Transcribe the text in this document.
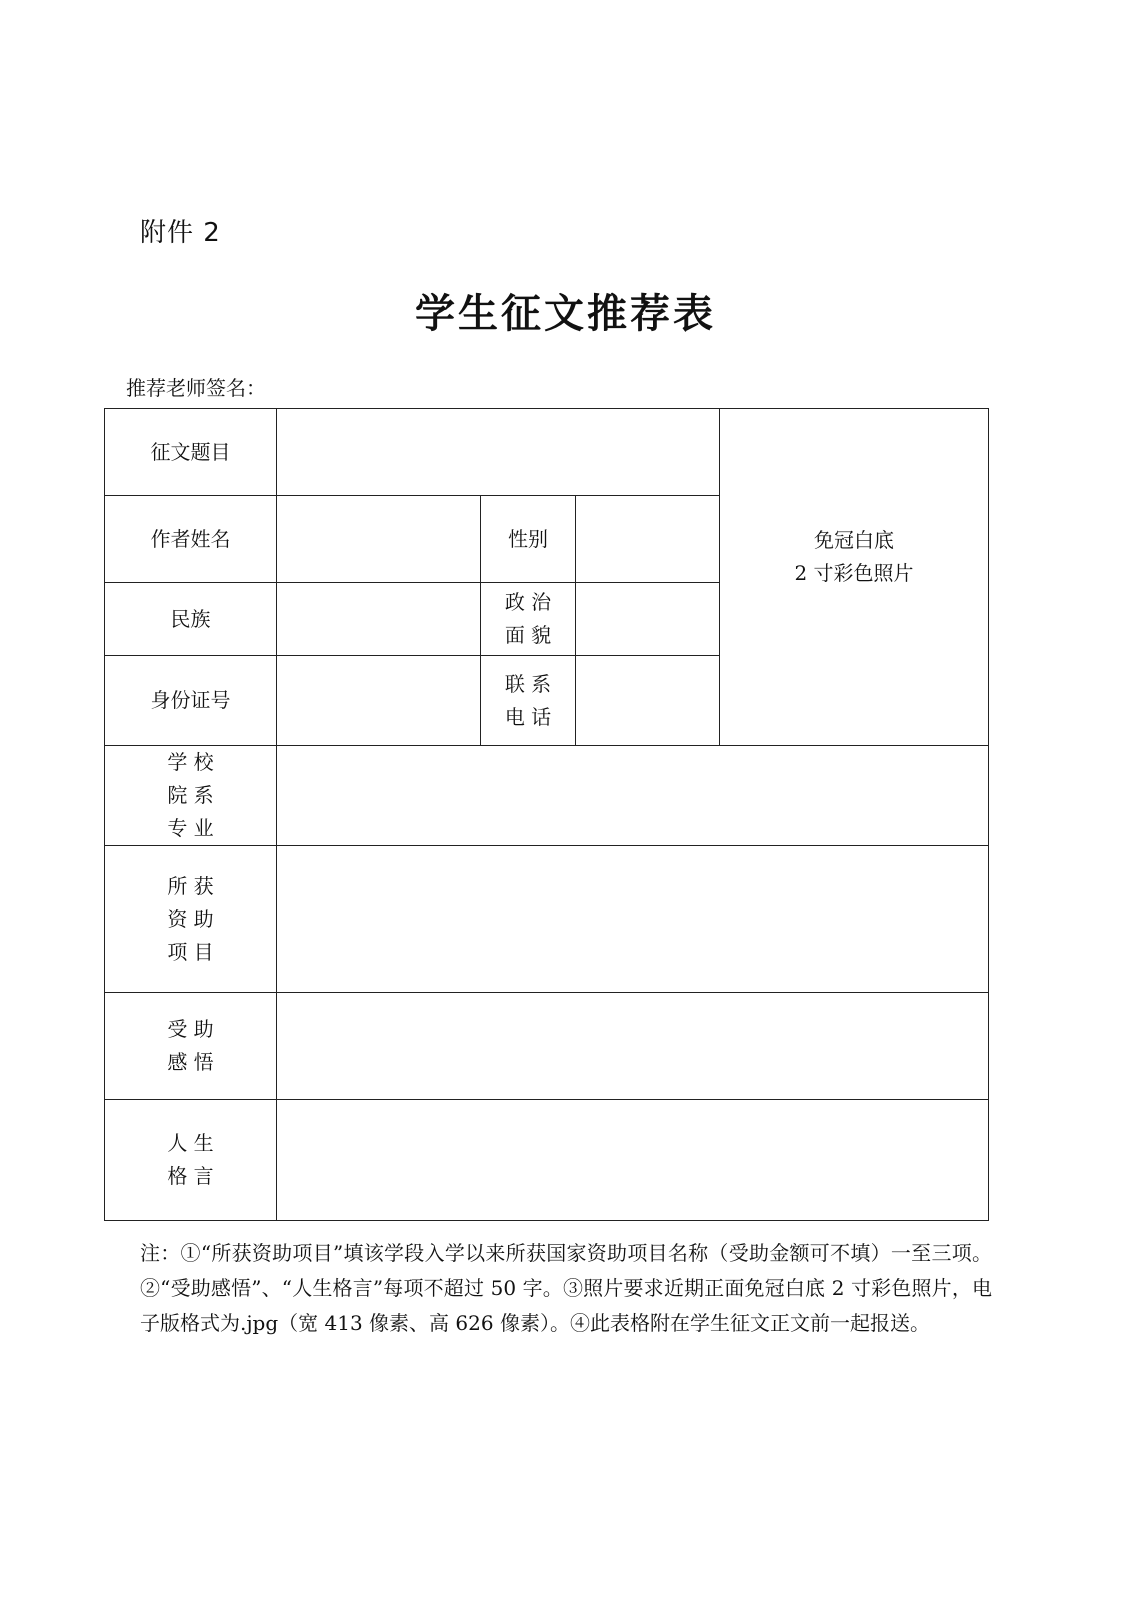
附件 2
学生征文推荐表
推荐老师签名：
征文题目				免冠白底
2 寸彩色照片

作者姓名		性别		
民族		政 治
面 貌		

身份证号		联 系
电 话		

学 校
院 系
专 业				

所 获
资 助
项 目				

受 助
感 悟				

人 生
格 言				

注：①“所获资助项目”填该学段入学以来所获国家资助项目名称（受助金额可不填）一至三项。 ②“受助感悟”、“人生格言”每项不超过 50 字。③照片要求近期正面免冠白底 2 寸彩色照片，电子版格式为.jpg（宽 413 像素、高 626 像素）。④此表格附在学生征文正文前一起报送。
